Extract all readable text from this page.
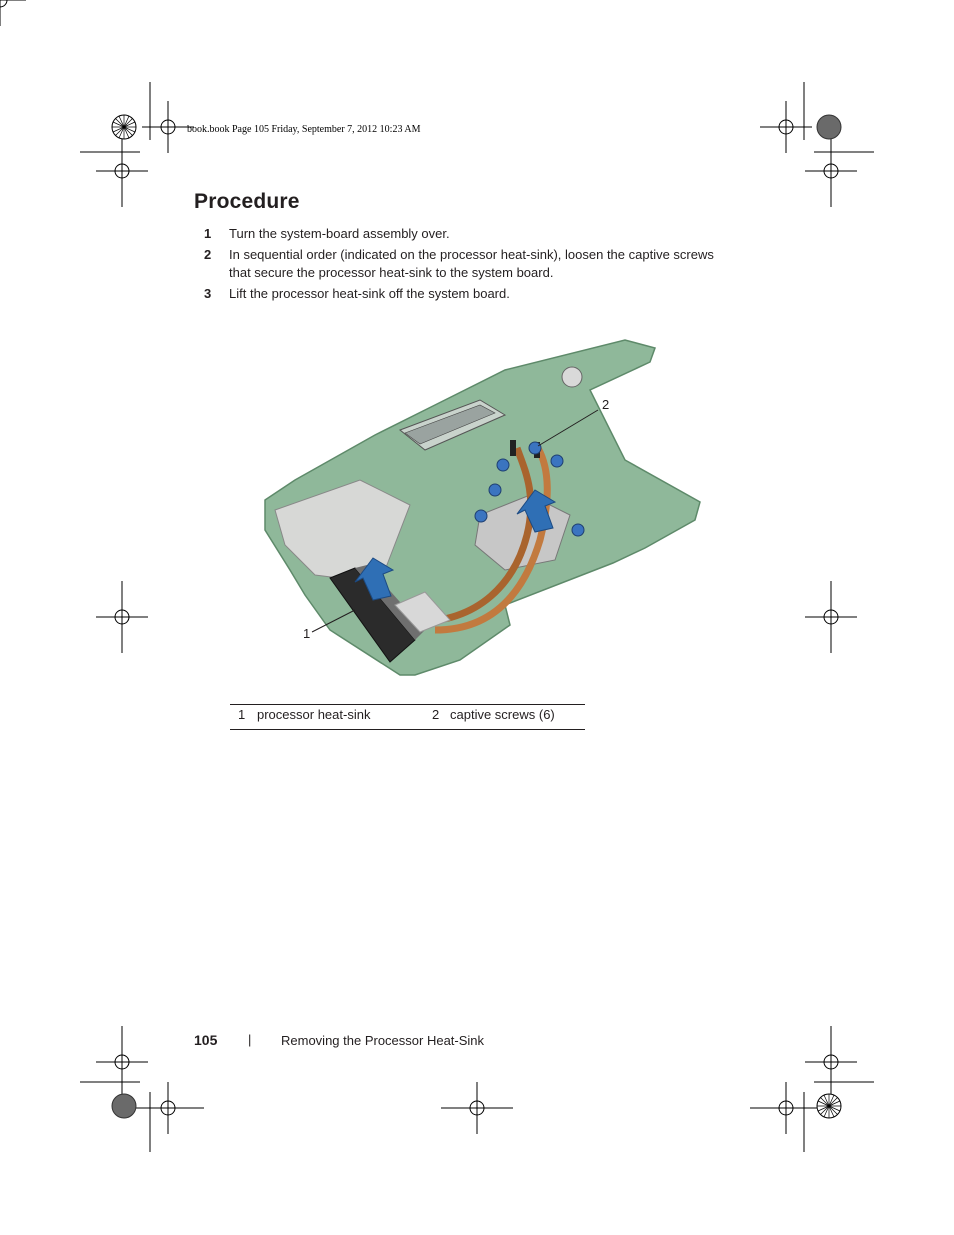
book.book Page 105 Friday, September 7, 2012 10:23 AM
Procedure
1 Turn the system-board assembly over.
2 In sequential order (indicated on the processor heat-sink), loosen the captive screws that secure the processor heat-sink to the system board.
3 Lift the processor heat-sink off the system board.
1
2
1 processor heat-sink	2 captive screws (6)
105 | Removing the Processor Heat-Sink
